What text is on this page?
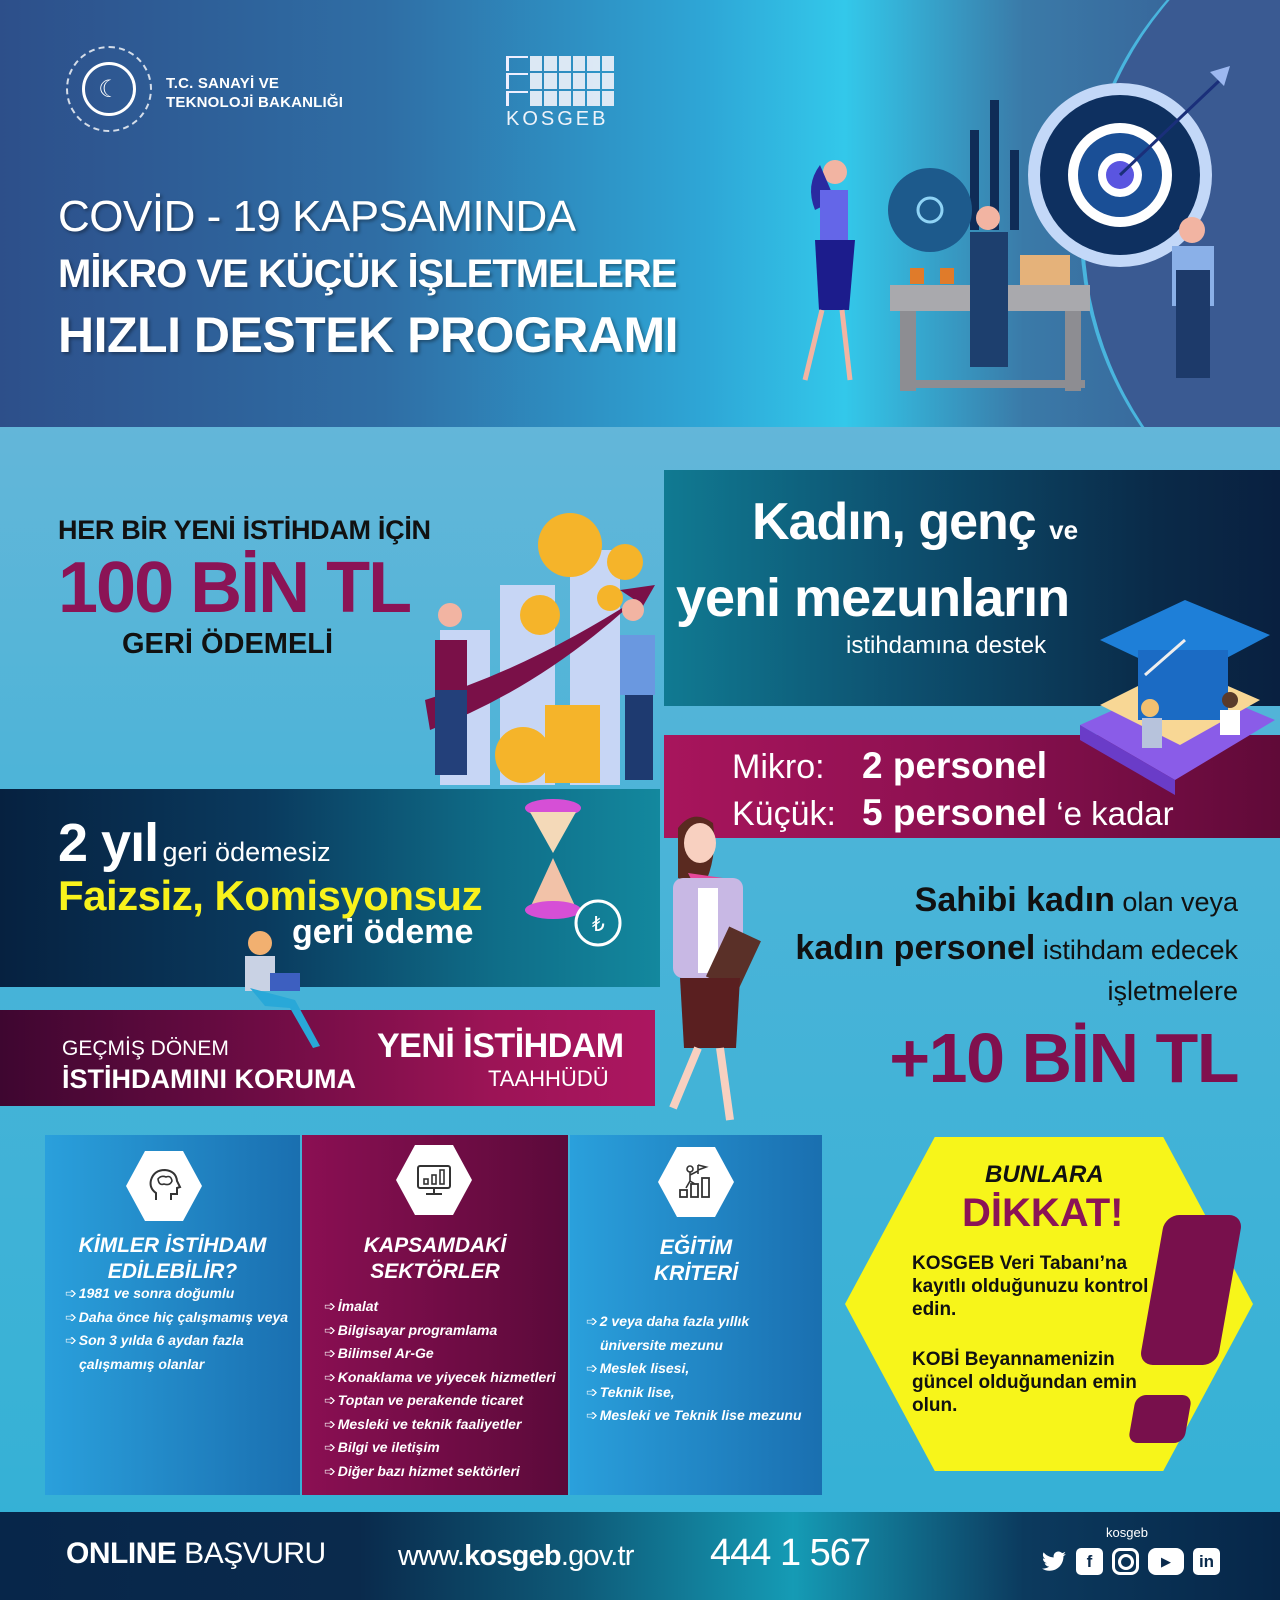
☾	T.C. SANAYİ VE
TEKNOLOJİ BAKANLIĞI
KOSGEB
COVİD - 19 KAPSAMINDA
MİKRO VE KÜÇÜK İŞLETMELERE
HIZLI DESTEK PROGRAMI
HER BİR YENİ İSTİHDAM İÇİN
100 BİN TL
GERİ ÖDEMELİ
Kadın, genç ve
yeni mezunların
istihdamına destek
Mikro: 2 personel
Küçük: 5 personel ‘e kadar
2 yıl geri ödemesiz
Faizsiz, Komisyonsuz
geri ödeme	₺
GEÇMİŞ DÖNEM
İSTİHDAMINI KORUMA
YENİ İSTİHDAM
TAAHHÜDÜ
Sahibi kadın olan veya
kadın personel istihdam edecek
işletmelere
+10 BİN TL
KİMLER İSTİHDAM
EDİLEBİLİR?
➩ 1981 ve sonra doğumlu
➩ Daha önce hiç çalışmamış veya
➩ Son 3 yılda 6 aydan fazla
çalışmamış olanlar
KAPSAMDAKİ
SEKTÖRLER
➩ İmalat
➩ Bilgisayar programlama
➩ Bilimsel Ar-Ge
➩ Konaklama ve yiyecek hizmetleri
➩ Toptan ve perakende ticaret
➩ Mesleki ve teknik faaliyetler
➩ Bilgi ve iletişim
➩ Diğer bazı hizmet sektörleri
EĞİTİM
KRİTERİ
➩ 2 veya daha fazla yıllık
üniversite mezunu
➩ Meslek lisesi,
➩ Teknik lise,
➩ Mesleki ve Teknik lise mezunu
BUNLARA
DİKKAT!
KOSGEB Veri Tabanı’na kayıtlı olduğunuzu kontrol edin.
KOBİ Beyannamenizin güncel olduğundan emin olun.
ONLINE BAŞVURU www.kosgeb.gov.tr 444 1 567	kosgeb
f	▶	in
